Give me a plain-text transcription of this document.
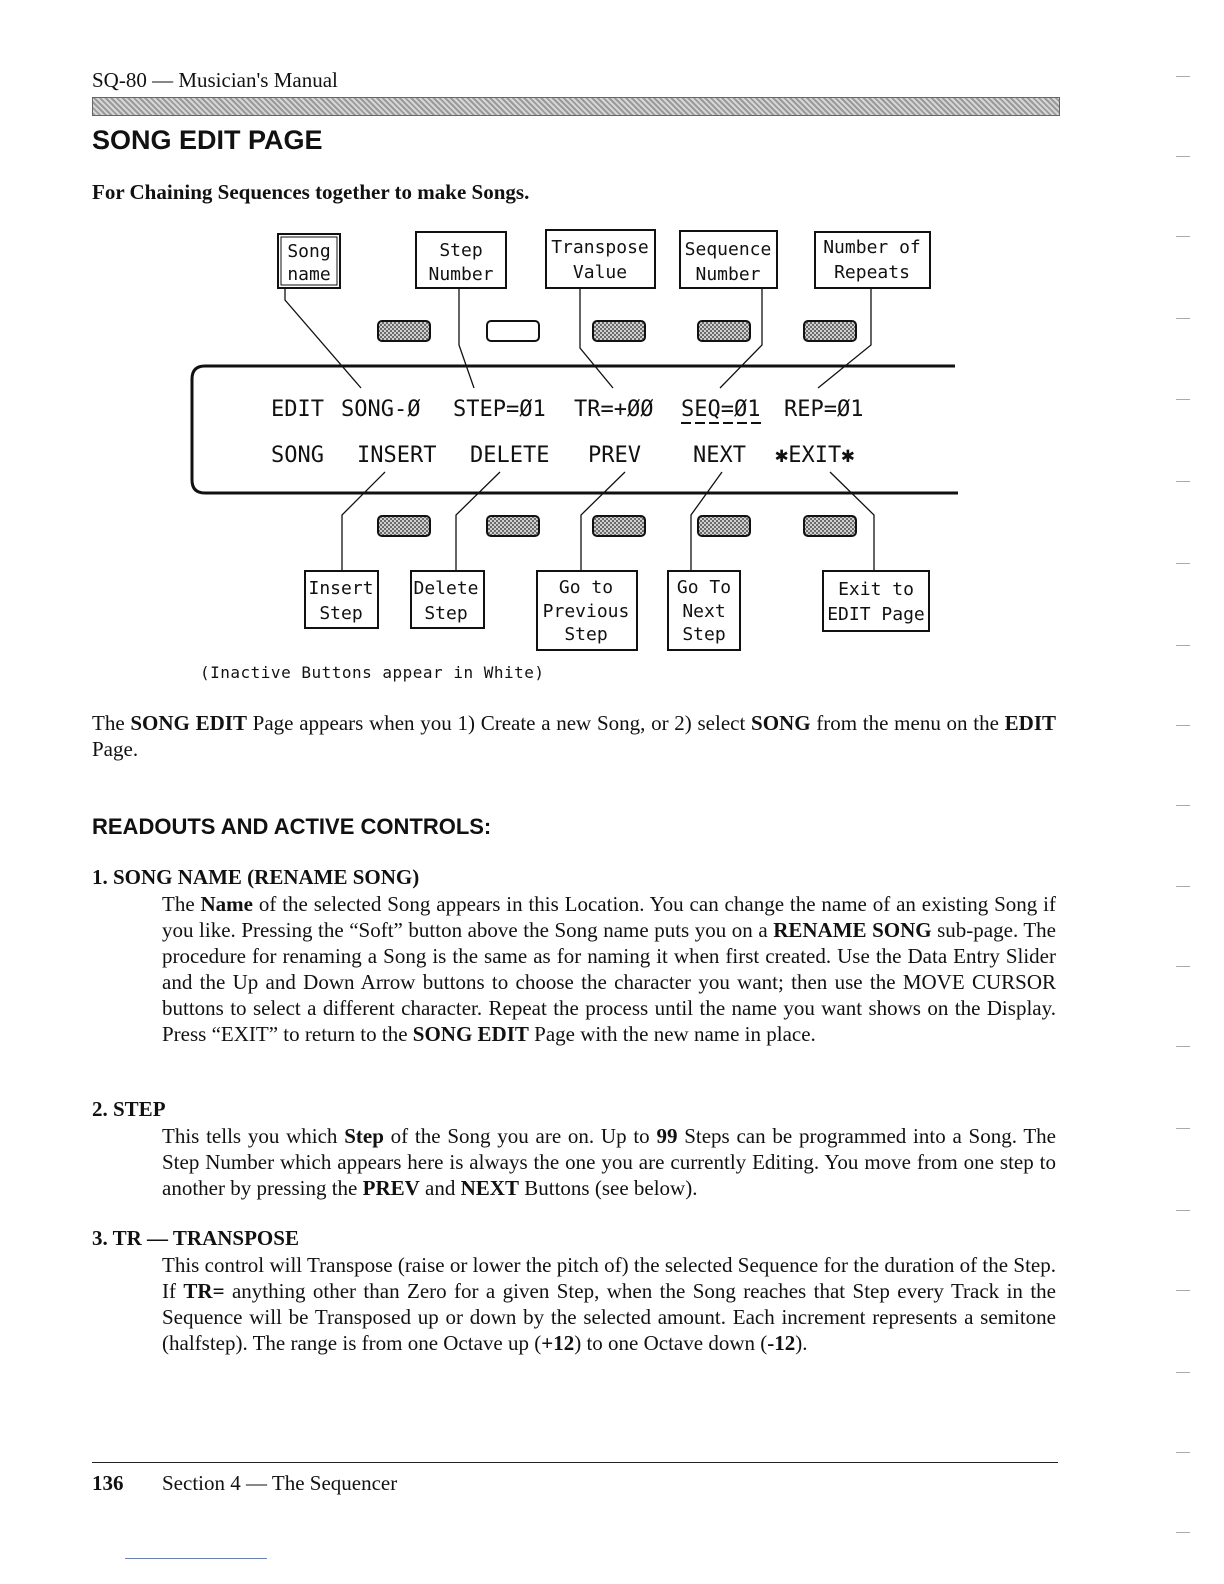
SQ-80 — Musician's Manual
SONG EDIT PAGE
For Chaining Sequences together to make Songs.
Song
name
Step
Number
Transpose
Value
Sequence
Number
Number of
Repeats
EDIT SONG-Ø STEP=Ø1 TR=+ØØ SEQ=Ø1 REP=Ø1
SONG INSERT DELETE PREV NEXT ✱EXIT✱
Insert
Step
Delete
Step
Go to
Previous
Step
Go To
Next
Step
Exit to
EDIT Page
(Inactive Buttons appear in White)

The SONG EDIT Page appears when you 1) Create a new Song, or 2) select SONG from the menu on the EDIT Page.

READOUTS AND ACTIVE CONTROLS:
1. SONG NAME (RENAME SONG)

The Name of the selected Song appears in this Location. You can change the name of an existing Song if you like. Pressing the “Soft” button above the Song name puts you on a RENAME SONG sub-page. The procedure for renaming a Song is the same as for naming it when first created. Use the Data Entry Slider and the Up and Down Arrow buttons to choose the character you want; then use the MOVE CURSOR buttons to select a different character. Repeat the process until the name you want shows on the Display. Press “EXIT” to return to the SONG EDIT Page with the new name in place.

2. STEP

This tells you which Step of the Song you are on. Up to 99 Steps can be programmed into a Song. The Step Number which appears here is always the one you are currently Editing. You move from one step to another by pressing the PREV and NEXT Buttons (see below).

3. TR — TRANSPOSE

This control will Transpose (raise or lower the pitch of) the selected Sequence for the duration of the Step. If TR= anything other than Zero for a given Step, when the Song reaches that Step every Track in the Sequence will be Transposed up or down by the selected amount. Each increment represents a semitone (halfstep). The range is from one Octave up (+12) to one Octave down (-12).

136 Section 4 — The Sequencer
